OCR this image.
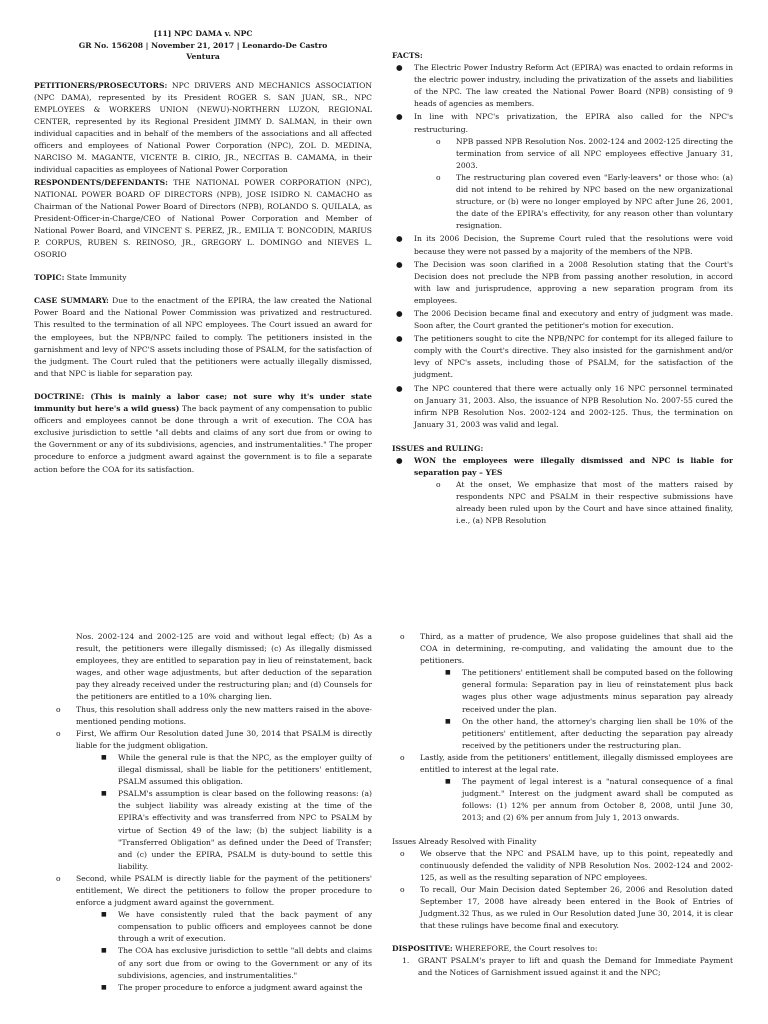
[11] NPC DAMA v. NPC
GR No. 156208 | November 21, 2017 | Leonardo-De Castro
Ventura

PETITIONERS/PROSECUTORS: NPC DRIVERS AND MECHANICS ASSOCIATION (NPC DAMA), represented by its President ROGER S. SAN JUAN, SR., NPC EMPLOYEES & WORKERS UNION (NEWU)-NORTHERN LUZON, REGIONAL CENTER, represented by its Regional President JIMMY D. SALMAN, in their own individual capacities and in behalf of the members of the associations and all affected officers and employees of National Power Corporation (NPC), ZOL D. MEDINA, NARCISO M. MAGANTE, VICENTE B. CIRIO, JR., NECITAS B. CAMAMA, in their individual capacities as employees of National Power Corporation

RESPONDENTS/DEFENDANTS: THE NATIONAL POWER CORPORATION (NPC), NATIONAL POWER BOARD OF DIRECTORS (NPB), JOSE ISIDRO N. CAMACHO as Chairman of the National Power Board of Directors (NPB), ROLANDO S. QUILALA, as President-Officer-in-Charge/CEO of National Power Corporation and Member of National Power Board, and VINCENT S. PEREZ, JR., EMILIA T. BONCODIN, MARIUS P. CORPUS, RUBEN S. REINOSO, JR., GREGORY L. DOMINGO and NIEVES L. OSORIO

TOPIC: State Immunity

CASE SUMMARY: Due to the enactment of the EPIRA, the law created the National Power Board and the National Power Commission was privatized and restructured. This resulted to the termination of all NPC employees. The Court issued an award for the employees, but the NPB/NPC failed to comply. The petitioners insisted in the garnishment and levy of NPC'S assets including those of PSALM, for the satisfaction of the judgment. The Court ruled that the petitioners were actually illegally dismissed, and that NPC is liable for separation pay.

DOCTRINE: (This is mainly a labor case; not sure why it's under state immunity but here's a wild guess) The back payment of any compensation to public officers and employees cannot be done through a writ of execution. The COA has exclusive jurisdiction to settle "all debts and claims of any sort due from or owing to the Government or any of its subdivisions, agencies, and instrumentalities." The proper procedure to enforce a judgment award against the government is to file a separate action before the COA for its satisfaction.

FACTS:

● The Electric Power Industry Reform Act (EPIRA) was enacted to ordain reforms in the electric power industry, including the privatization of the assets and liabilities of the NPC. The law created the National Power Board (NPB) consisting of 9 heads of agencies as members.
● In line with NPC's privatization, the EPIRA also called for the NPC's restructuring.
o NPB passed NPB Resolution Nos. 2002-124 and 2002-125 directing the termination from service of all NPC employees effective January 31, 2003.
o The restructuring plan covered even "Early-leavers" or those who: (a) did not intend to be rehired by NPC based on the new organizational structure, or (b) were no longer employed by NPC after June 26, 2001, the date of the EPIRA's effectivity, for any reason other than voluntary resignation.
● In its 2006 Decision, the Supreme Court ruled that the resolutions were void because they were not passed by a majority of the members of the NPB.
● The Decision was soon clarified in a 2008 Resolution stating that the Court's Decision does not preclude the NPB from passing another resolution, in accord with law and jurisprudence, approving a new separation program from its employees.
● The 2006 Decision became final and executory and entry of judgment was made. Soon after, the Court granted the petitioner's motion for execution.
● The petitioners sought to cite the NPB/NPC for contempt for its alleged failure to comply with the Court's directive. They also insisted for the garnishment and/or levy of NPC's assets, including those of PSALM, for the satisfaction of the judgment.
● The NPC countered that there were actually only 16 NPC personnel terminated on January 31, 2003. Also, the issuance of NPB Resolution No. 2007-55 cured the infirm NPB Resolution Nos. 2002-124 and 2002-125. Thus, the termination on January 31, 2003 was valid and legal.

ISSUES and RULING:

● WON the employees were illegally dismissed and NPC is liable for separation pay – YES
o At the onset, We emphasize that most of the matters raised by respondents NPC and PSALM in their respective submissions have already been ruled upon by the Court and have since attained finality, i.e., (a) NPB Resolution

Nos. 2002-124 and 2002-125 are void and without legal effect; (b) As a result, the petitioners were illegally dismissed; (c) As illegally dismissed employees, they are entitled to separation pay in lieu of reinstatement, back wages, and other wage adjustments, but after deduction of the separation pay they already received under the restructuring plan; and (d) Counsels for the petitioners are entitled to a 10% charging lien.

o Thus, this resolution shall address only the new matters raised in the above-mentioned pending motions.
o First, We affirm Our Resolution dated June 30, 2014 that PSALM is directly liable for the judgment obligation.
■ While the general rule is that the NPC, as the employer guilty of illegal dismissal, shall be liable for the petitioners' entitlement, PSALM assumed this obligation.
■ PSALM's assumption is clear based on the following reasons: (a) the subject liability was already existing at the time of the EPIRA's effectivity and was transferred from NPC to PSALM by virtue of Section 49 of the law; (b) the subject liability is a "Transferred Obligation" as defined under the Deed of Transfer; and (c) under the EPIRA, PSALM is duty-bound to settle this liability.
o Second, while PSALM is directly liable for the payment of the petitioners' entitlement, We direct the petitioners to follow the proper procedure to enforce a judgment award against the government.
■ We have consistently ruled that the back payment of any compensation to public officers and employees cannot be done through a writ of execution.
■ The COA has exclusive jurisdiction to settle "all debts and claims of any sort due from or owing to the Government or any of its subdivisions, agencies, and instrumentalities."
■ The proper procedure to enforce a judgment award against the
o Third, as a matter of prudence, We also propose guidelines that shall aid the COA in determining, re-computing, and validating the amount due to the petitioners.
■ The petitioners' entitlement shall be computed based on the following general formula: Separation pay in lieu of reinstatement plus back wages plus other wage adjustments minus separation pay already received under the plan.
■ On the other hand, the attorney's charging lien shall be 10% of the petitioners' entitlement, after deducting the separation pay already received by the petitioners under the restructuring plan.
o Lastly, aside from the petitioners' entitlement, illegally dismissed employees are entitled to interest at the legal rate.
■ The payment of legal interest is a "natural consequence of a final judgment." Interest on the judgment award shall be computed as follows: (1) 12% per annum from October 8, 2008, until June 30, 2013; and (2) 6% per annum from July 1, 2013 onwards.

Issues Already Resolved with Finality

o We observe that the NPC and PSALM have, up to this point, repeatedly and continuously defended the validity of NPB Resolution Nos. 2002-124 and 2002-125, as well as the resulting separation of NPC employees.
o To recall, Our Main Decision dated September 26, 2006 and Resolution dated September 17, 2008 have already been entered in the Book of Entries of Judgment.32 Thus, as we ruled in Our Resolution dated June 30, 2014, it is clear that these rulings have become final and executory.

DISPOSITIVE: WHEREFORE, the Court resolves to:

1. GRANT PSALM's prayer to lift and quash the Demand for Immediate Payment and the Notices of Garnishment issued against it and the NPC;
